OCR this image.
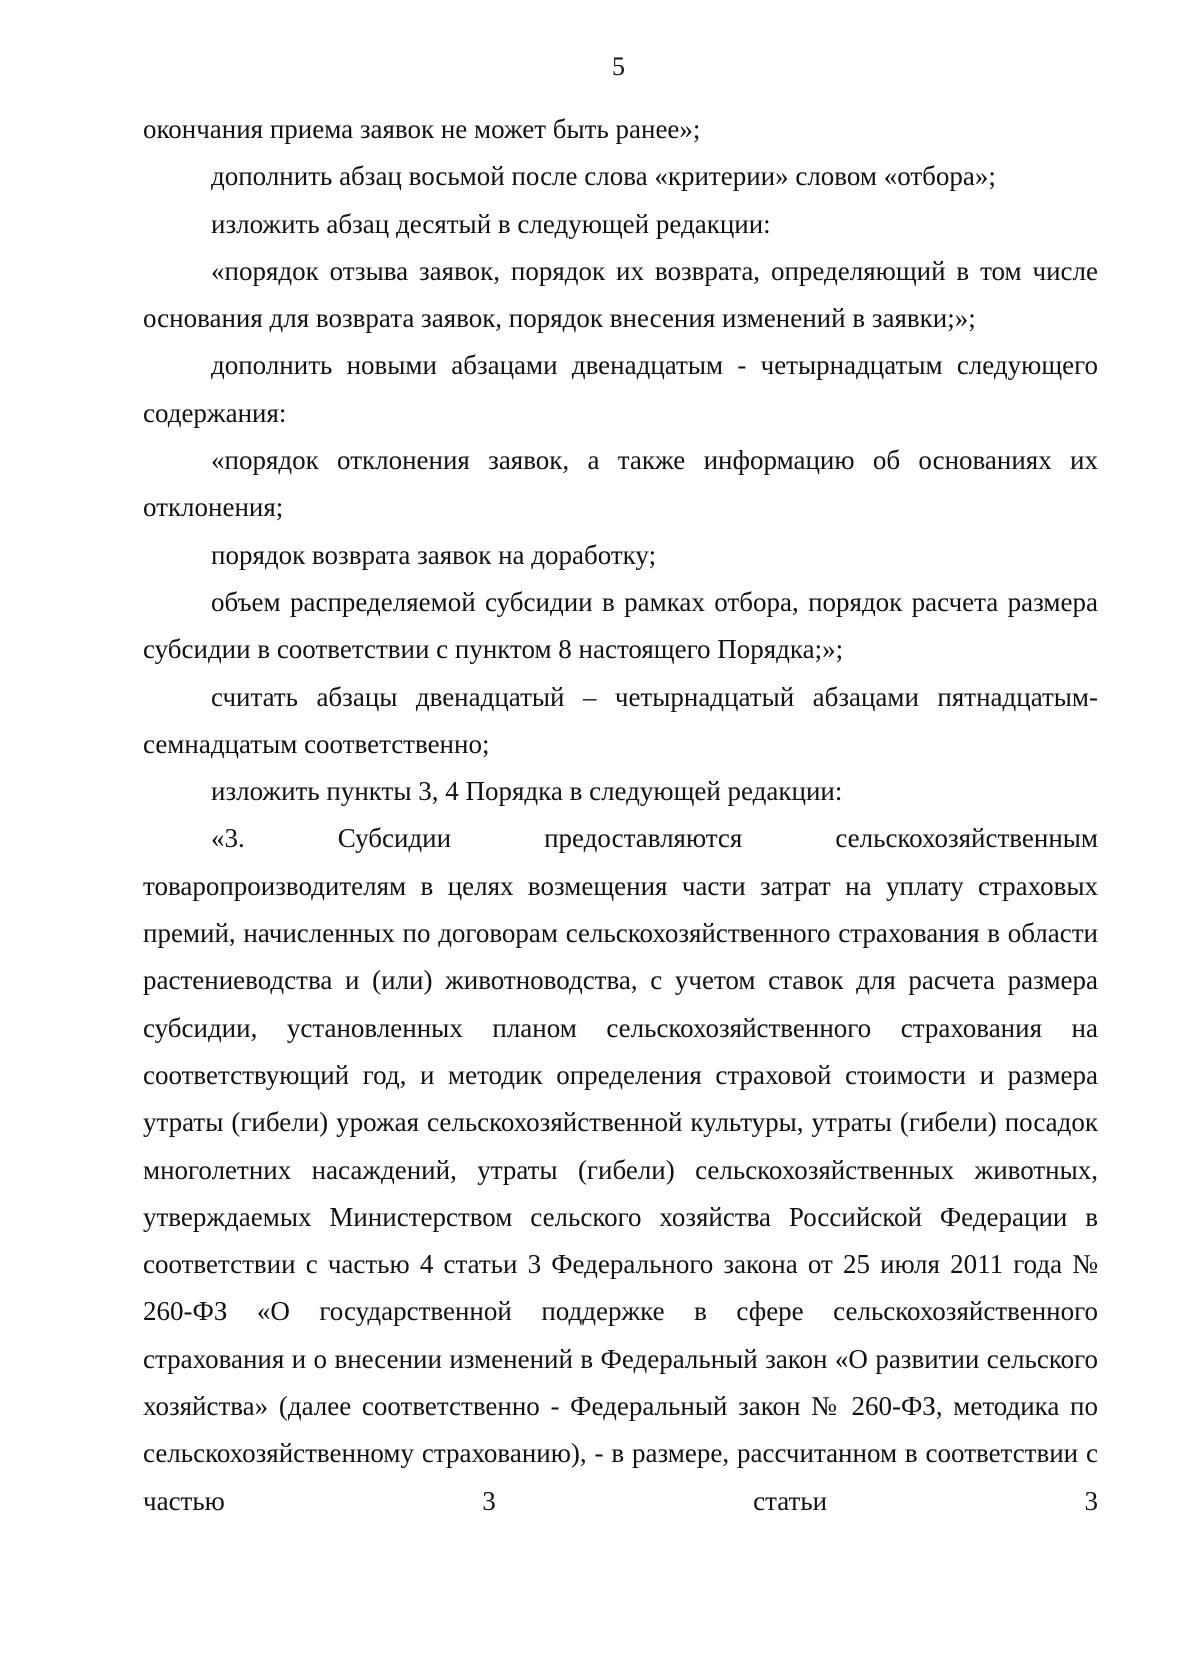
5

окончания приема заявок не может быть ранее»;

дополнить абзац восьмой после слова «критерии» словом «отбора»;

изложить абзац десятый в следующей редакции:

«порядок отзыва заявок, порядок их возврата, определяющий в том числе основания для возврата заявок, порядок внесения изменений в заявки;»;

дополнить новыми абзацами двенадцатым - четырнадцатым следующего содержания:

«порядок отклонения заявок, а также информацию об основаниях их отклонения;

порядок возврата заявок на доработку;

объем распределяемой субсидии в рамках отбора, порядок расчета размера субсидии в соответствии с пунктом 8 настоящего Порядка;»;

считать абзацы двенадцатый – четырнадцатый абзацами пятнадцатым-семнадцатым соответственно;

изложить пункты 3, 4 Порядка в следующей редакции:

«3. Субсидии предоставляются сельскохозяйственным товаропроизводителям в целях возмещения части затрат на уплату страховых премий, начисленных по договорам сельскохозяйственного страхования в области растениеводства и (или) животноводства, с учетом ставок для расчета размера субсидии, установленных планом сельскохозяйственного страхования на соответствующий год, и методик определения страховой стоимости и размера утраты (гибели) урожая сельскохозяйственной культуры, утраты (гибели) посадок многолетних насаждений, утраты (гибели) сельскохозяйственных животных, утверждаемых Министерством сельского хозяйства Российской Федерации в соответствии с частью 4 статьи 3 Федерального закона от 25 июля 2011 года № 260-ФЗ «О государственной поддержке в сфере сельскохозяйственного страхования и о внесении изменений в Федеральный закон «О развитии сельского хозяйства» (далее соответственно - Федеральный закон № 260-ФЗ, методика по сельскохозяйственному страхованию), - в размере, рассчитанном в соответствии с частью 3 статьи 3
